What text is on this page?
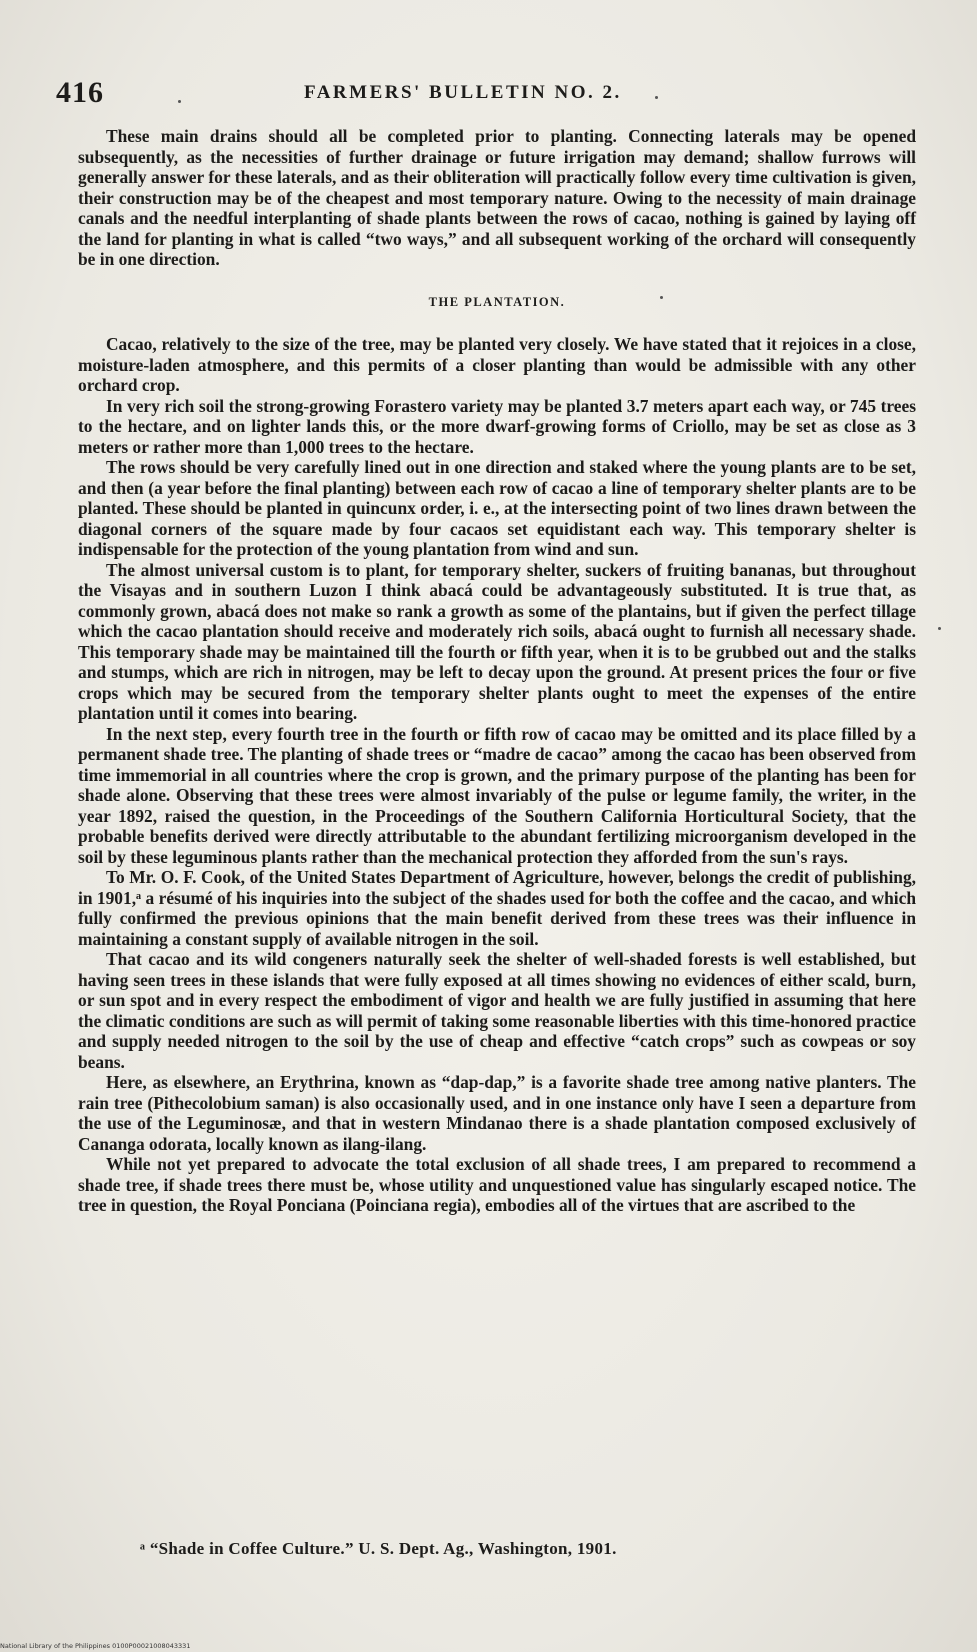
416	FARMERS' BULLETIN NO. 2.

These main drains should all be completed prior to planting. Connecting laterals may be opened subsequently, as the necessities of further drainage or future irrigation may demand; shallow furrows will generally answer for these laterals, and as their obliteration will practically follow every time cultivation is given, their construction may be of the cheapest and most temporary nature. Owing to the necessity of main drainage canals and the needful interplanting of shade plants between the rows of cacao, nothing is gained by laying off the land for planting in what is called “two ways,” and all subsequent working of the orchard will consequently be in one direction.

THE PLANTATION.

Cacao, relatively to the size of the tree, may be planted very closely. We have stated that it rejoices in a close, moisture-laden atmosphere, and this permits of a closer planting than would be admissible with any other orchard crop.

In very rich soil the strong-growing Forastero variety may be planted 3.7 meters apart each way, or 745 trees to the hectare, and on lighter lands this, or the more dwarf-growing forms of Criollo, may be set as close as 3 meters or rather more than 1,000 trees to the hectare.

The rows should be very carefully lined out in one direction and staked where the young plants are to be set, and then (a year before the final planting) between each row of cacao a line of temporary shelter plants are to be planted. These should be planted in quincunx order, i. e., at the intersecting point of two lines drawn between the diagonal corners of the square made by four cacaos set equidistant each way. This temporary shelter is indispensable for the protection of the young plantation from wind and sun.

The almost universal custom is to plant, for temporary shelter, suckers of fruiting bananas, but throughout the Visayas and in southern Luzon I think abacá could be advantageously substituted. It is true that, as commonly grown, abacá does not make so rank a growth as some of the plantains, but if given the perfect tillage which the cacao plantation should receive and moderately rich soils, abacá ought to furnish all necessary shade. This temporary shade may be maintained till the fourth or fifth year, when it is to be grubbed out and the stalks and stumps, which are rich in nitrogen, may be left to decay upon the ground. At present prices the four or five crops which may be secured from the temporary shelter plants ought to meet the expenses of the entire plantation until it comes into bearing.

In the next step, every fourth tree in the fourth or fifth row of cacao may be omitted and its place filled by a permanent shade tree. The planting of shade trees or “madre de cacao” among the cacao has been observed from time immemorial in all countries where the crop is grown, and the primary purpose of the planting has been for shade alone. Observing that these trees were almost invariably of the pulse or legume family, the writer, in the year 1892, raised the question, in the Proceedings of the Southern California Horticultural Society, that the probable benefits derived were directly attributable to the abundant fertilizing microorganism developed in the soil by these leguminous plants rather than the mechanical protection they afforded from the sun's rays.

To Mr. O. F. Cook, of the United States Department of Agriculture, however, belongs the credit of publishing, in 1901,ᵃ a résumé of his inquiries into the subject of the shades used for both the coffee and the cacao, and which fully confirmed the previous opinions that the main benefit derived from these trees was their influence in maintaining a constant supply of available nitrogen in the soil.

That cacao and its wild congeners naturally seek the shelter of well-shaded forests is well established, but having seen trees in these islands that were fully exposed at all times showing no evidences of either scald, burn, or sun spot and in every respect the embodiment of vigor and health we are fully justified in assuming that here the climatic conditions are such as will permit of taking some reasonable liberties with this time-honored practice and supply needed nitrogen to the soil by the use of cheap and effective “catch crops” such as cowpeas or soy beans.

Here, as elsewhere, an Erythrina, known as “dap-dap,” is a favorite shade tree among native planters. The rain tree (Pithecolobium saman) is also occasionally used, and in one instance only have I seen a departure from the use of the Leguminosæ, and that in western Mindanao there is a shade plantation composed exclusively of Cananga odorata, locally known as ilang-ilang.

While not yet prepared to advocate the total exclusion of all shade trees, I am prepared to recommend a shade tree, if shade trees there must be, whose utility and unquestioned value has singularly escaped notice. The tree in question, the Royal Ponciana (Poinciana regia), embodies all of the virtues that are ascribed to the

ᵃ “Shade in Coffee Culture.” U. S. Dept. Ag., Washington, 1901.
National Library of the Philippines 0100P00021008043331
